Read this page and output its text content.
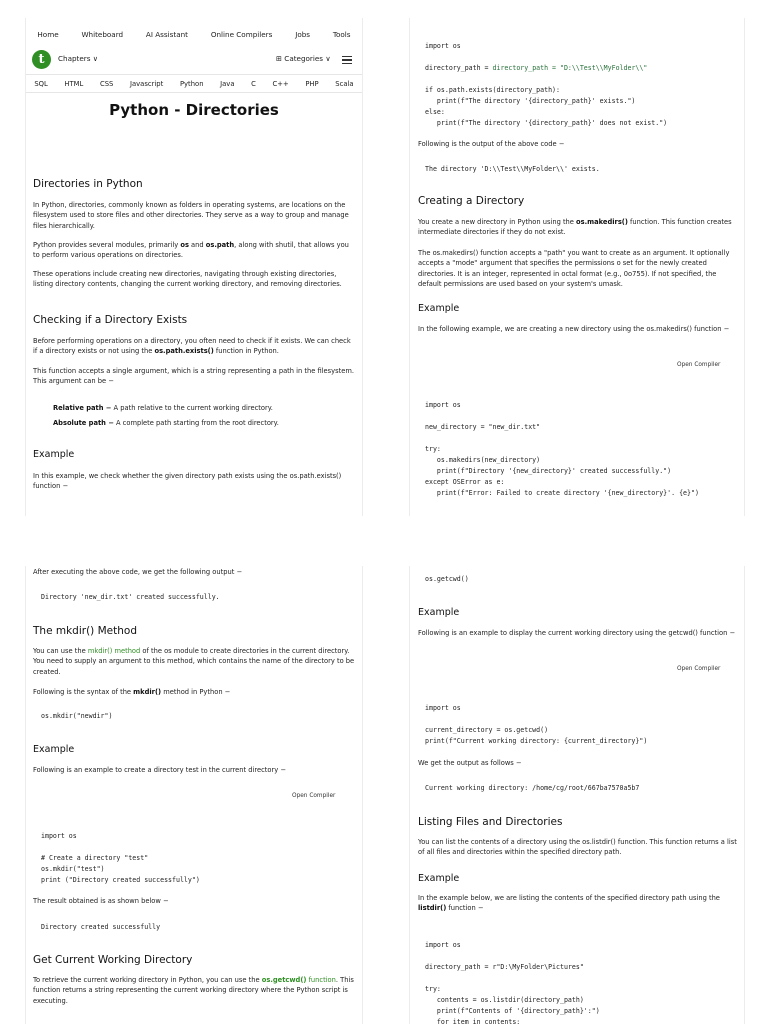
Home	Whiteboard	AI Assistant	Online Compilers	Jobs	Tools
t	Chapters ∨	⊞ Categories ∨
SQL HTML CSS Javascript Python Java C C++ PHP Scala
Python - Directories
Directories in Python
In Python, directories, commonly known as folders in operating systems, are locations on the filesystem used to store files and other directories. They serve as a way to group and manage files hierarchically.
Python provides several modules, primarily os and os.path, along with shutil, that allows you to perform various operations on directories.
These operations include creating new directories, navigating through existing directories, listing directory contents, changing the current working directory, and removing directories.
Checking if a Directory Exists
Before performing operations on a directory, you often need to check if it exists. We can check if a directory exists or not using the os.path.exists() function in Python.
This function accepts a single argument, which is a string representing a path in the filesystem. This argument can be −
Relative path − A path relative to the current working directory.
Absolute path − A complete path starting from the root directory.
Example
In this example, we check whether the given directory path exists using the os.path.exists() function −

import os
directory_path = directory_path = "D:\\Test\\MyFolder\\"
if os.path.exists(directory_path):
print(f"The directory '{directory_path}' exists.")
else:
print(f"The directory '{directory_path}' does not exist.")

Following is the output of the above code −
The directory 'D:\\Test\\MyFolder\\' exists.
Creating a Directory
You create a new directory in Python using the os.makedirs() function. This function creates intermediate directories if they do not exist.
The os.makedirs() function accepts a "path" you want to create as an argument. It optionally accepts a "mode" argument that specifies the permissions o set for the newly created directories. It is an integer, represented in octal format (e.g., 0o755). If not specified, the default permissions are used based on your system's umask.
Example
In the following example, we are creating a new directory using the os.makedirs() function −
Open Compiler

import os
new_directory = "new_dir.txt"
try:
os.makedirs(new_directory)
print(f"Directory '{new_directory}' created successfully.")
except OSError as e:
print(f"Error: Failed to create directory '{new_directory}'. {e}")

After executing the above code, we get the following output −
Directory 'new_dir.txt' created successfully.
The mkdir() Method
You can use the mkdir() method of the os module to create directories in the current directory. You need to supply an argument to this method, which contains the name of the directory to be created.
Following is the syntax of the mkdir() method in Python −
os.mkdir("newdir")
Example
Following is an example to create a directory test in the current directory −
Open Compiler

import os
# Create a directory "test"
os.mkdir("test")
print ("Directory created successfully")

The result obtained is as shown below −
Directory created successfully
Get Current Working Directory
To retrieve the current working directory in Python, you can use the os.getcwd() function. This function returns a string representing the current working directory where the Python script is executing.
os.getcwd()
Example
Following is an example to display the current working directory using the getcwd() function −
Open Compiler

import os
current_directory = os.getcwd()
print(f"Current working directory: {current_directory}")

We get the output as follows −
Current working directory: /home/cg/root/667ba7570a5b7
Listing Files and Directories
You can list the contents of a directory using the os.listdir() function. This function returns a list of all files and directories within the specified directory path.
Example
In the example below, we are listing the contents of the specified directory path using the listdir() function −

import os
directory_path = r"D:\MyFolder\Pictures"
try:
contents = os.listdir(directory_path)
print(f"Contents of '{directory_path}':")
for item in contents:
